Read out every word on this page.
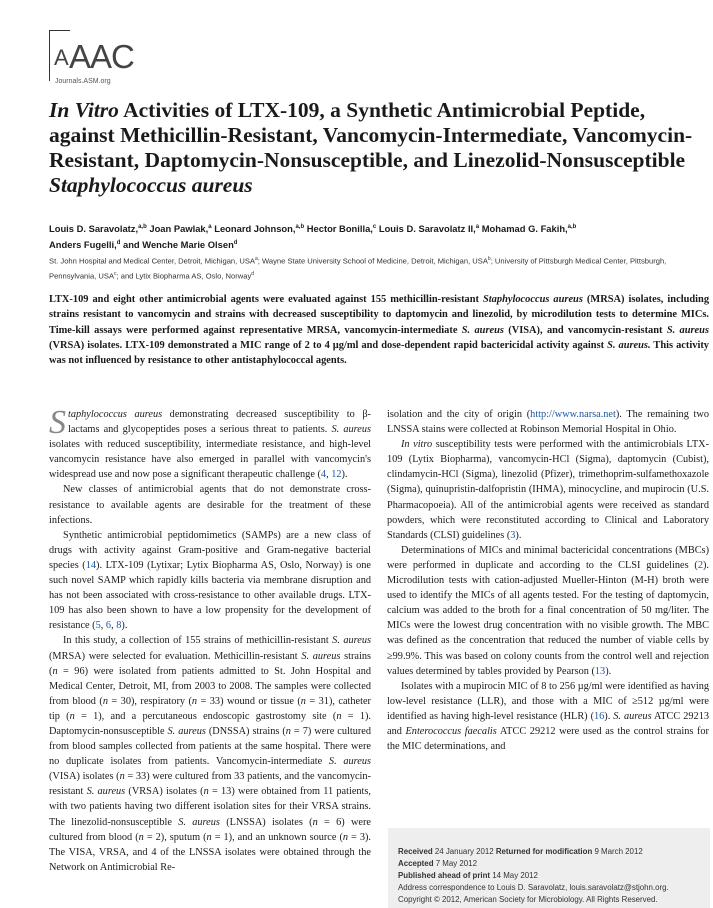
A AAC
Journals.ASM.org
In Vitro Activities of LTX-109, a Synthetic Antimicrobial Peptide, against Methicillin-Resistant, Vancomycin-Intermediate, Vancomycin-Resistant, Daptomycin-Nonsusceptible, and Linezolid-Nonsusceptible Staphylococcus aureus

Louis D. Saravolatz,$^{a,b}$ Joan Pawlak,$^a$ Leonard Johnson,$^{a,b}$ Hector Bonilla,$^c$ Louis D. Saravolatz II,$^a$ Mohamad G. Fakih,$^{a,b}$
Anders Fugelli,$^d$ and Wenche Marie Olsen$^d$

St. John Hospital and Medical Center, Detroit, Michigan, USA$^a$; Wayne State University School of Medicine, Detroit, Michigan, USA$^b$; University of Pittsburgh Medical Center, Pittsburgh, Pennsylvania, USA$^c$; and Lytix Biopharma AS, Oslo, Norway$^d$

LTX-109 and eight other antimicrobial agents were evaluated against 155 methicillin-resistant Staphylococcus aureus (MRSA) isolates, including strains resistant to vancomycin and strains with decreased susceptibility to daptomycin and linezolid, by microdilution tests to determine MICs. Time-kill assays were performed against representative MRSA, vancomycin-intermediate S. aureus (VISA), and vancomycin-resistant S. aureus (VRSA) isolates. LTX-109 demonstrated a MIC range of 2 to 4 µg/ml and dose-dependent rapid bactericidal activity against S. aureus. This activity was not influenced by resistance to other antistaphylococcal agents.

Staphylococcus aureus demonstrating decreased susceptibility to β-lactams and glycopeptides poses a serious threat to patients. S. aureus isolates with reduced susceptibility, intermediate resistance, and high-level vancomycin resistance have also emerged in parallel with vancomycin's widespread use and now pose a significant therapeutic challenge (4, 12).

New classes of antimicrobial agents that do not demonstrate cross-resistance to available agents are desirable for the treatment of these infections.

Synthetic antimicrobial peptidomimetics (SAMPs) are a new class of drugs with activity against Gram-positive and Gram-negative bacterial species (14). LTX-109 (Lytixar; Lytix Biopharma AS, Oslo, Norway) is one such novel SAMP which rapidly kills bacteria via membrane disruption and has not been associated with cross-resistance to other available drugs. LTX-109 has also been shown to have a low propensity for the development of resistance (5, 6, 8).

In this study, a collection of 155 strains of methicillin-resistant S. aureus (MRSA) were selected for evaluation. Methicillin-resistant S. aureus strains (n = 96) were isolated from patients admitted to St. John Hospital and Medical Center, Detroit, MI, from 2003 to 2008. The samples were collected from blood (n = 30), respiratory (n = 33) wound or tissue (n = 31), catheter tip (n = 1), and a percutaneous endoscopic gastrostomy site (n = 1). Daptomycin-nonsusceptible S. aureus (DNSSA) strains (n = 7) were cultured from blood samples collected from patients at the same hospital. There were no duplicate isolates from patients. Vancomycin-intermediate S. aureus (VISA) isolates (n = 33) were cultured from 33 patients, and the vancomycin-resistant S. aureus (VRSA) isolates (n = 13) were obtained from 11 patients, with two patients having two different isolation sites for their VRSA strains. The linezolid-nonsusceptible S. aureus (LNSSA) isolates (n = 6) were cultured from blood (n = 2), sputum (n = 1), and an unknown source (n = 3). The VISA, VRSA, and 4 of the LNSSA isolates were obtained through the Network on Antimicrobial Re-

isolation and the city of origin (http://www.narsa.net). The remaining two LNSSA stains were collected at Robinson Memorial Hospital in Ohio.

In vitro susceptibility tests were performed with the antimicrobials LTX-109 (Lytix Biopharma), vancomycin-HCl (Sigma), daptomycin (Cubist), clindamycin-HCl (Sigma), linezolid (Pfizer), trimethoprim-sulfamethoxazole (Sigma), quinupristin-dalfopristin (IHMA), minocycline, and mupirocin (U.S. Pharmacopoeia). All of the antimicrobial agents were received as standard powders, which were reconstituted according to Clinical and Laboratory Standards (CLSI) guidelines (3).

Determinations of MICs and minimal bactericidal concentrations (MBCs) were performed in duplicate and according to the CLSI guidelines (2). Microdilution tests with cation-adjusted Mueller-Hinton (M-H) broth were used to identify the MICs of all agents tested. For the testing of daptomycin, calcium was added to the broth for a final concentration of 50 mg/liter. The MICs were the lowest drug concentration with no visible growth. The MBC was defined as the concentration that reduced the number of viable cells by ≥99.9%. This was based on colony counts from the control well and rejection values determined by tables provided by Pearson (13).

Isolates with a mupirocin MIC of 8 to 256 µg/ml were identified as having low-level resistance (LLR), and those with a MIC of ≥512 µg/ml were identified as having high-level resistance (HLR) (16). S. aureus ATCC 29213 and Enterococcus faecalis ATCC 29212 were used as the control strains for the MIC determinations, and

Received 24 January 2012 Returned for modification 9 March 2012

Accepted 7 May 2012

Published ahead of print 14 May 2012

Address correspondence to Louis D. Saravolatz, louis.saravolatz@stjohn.org.

Copyright © 2012, American Society for Microbiology. All Rights Reserved.
